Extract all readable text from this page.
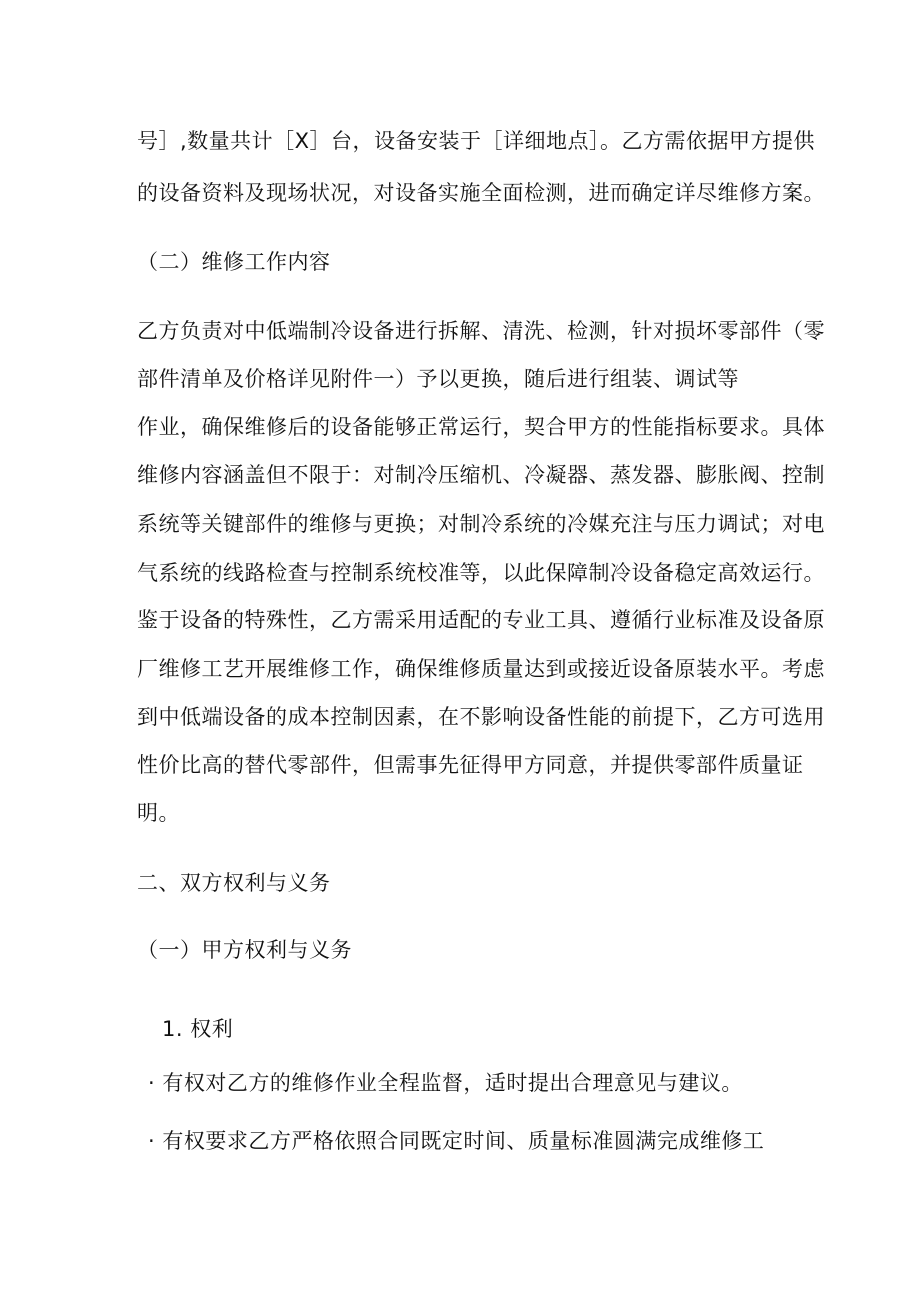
号］,数量共计［X］台，设备安装于［详细地点］。乙方需依据甲方提供
的设备资料及现场状况，对设备实施全面检测，进而确定详尽维修方案。
（二）维修工作内容
乙方负责对中低端制冷设备进行拆解、清洗、检测，针对损坏零部件（零
部件清单及价格详见附件一）予以更换，随后进行组装、调试等
作业，确保维修后的设备能够正常运行，契合甲方的性能指标要求。具体
维修内容涵盖但不限于：对制冷压缩机、冷凝器、蒸发器、膨胀阀、控制
系统等关键部件的维修与更换；对制冷系统的冷媒充注与压力调试；对电
气系统的线路检查与控制系统校准等，以此保障制冷设备稳定高效运行。
鉴于设备的特殊性，乙方需采用适配的专业工具、遵循行业标准及设备原
厂维修工艺开展维修工作，确保维修质量达到或接近设备原装水平。考虑
到中低端设备的成本控制因素，在不影响设备性能的前提下，乙方可选用
性价比高的替代零部件，但需事先征得甲方同意，并提供零部件质量证
明。
二、双方权利与义务
（一）甲方权利与义务
1. 权利
· 有权对乙方的维修作业全程监督，适时提出合理意见与建议。
· 有权要求乙方严格依照合同既定时间、质量标准圆满完成维修工
